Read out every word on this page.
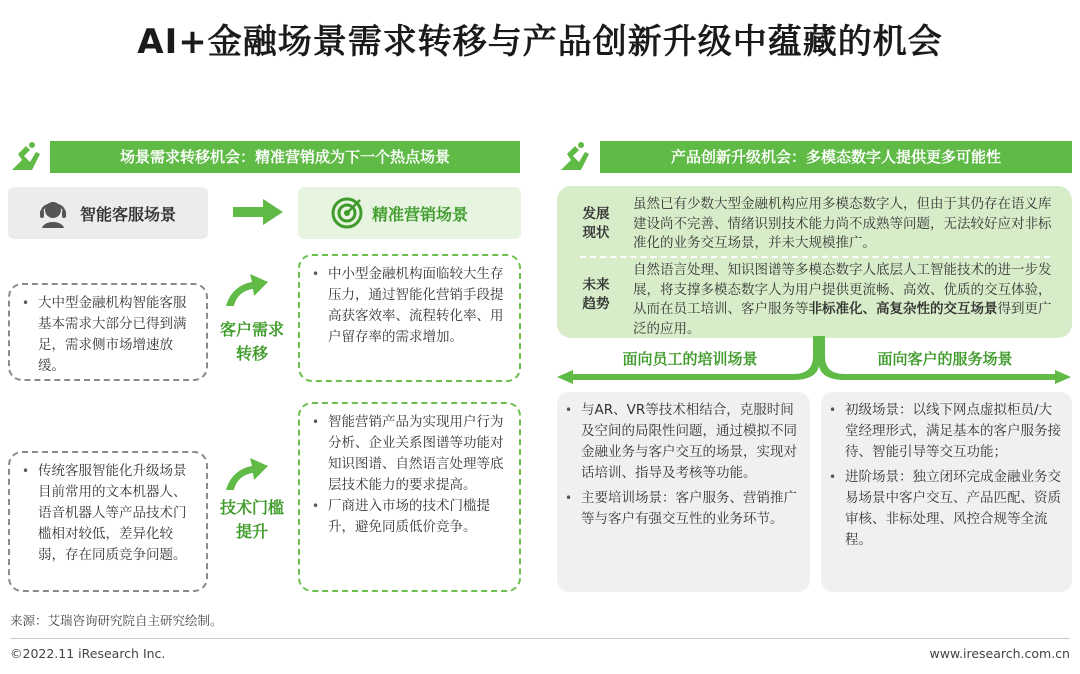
AI+金融场景需求转移与产品创新升级中蕴藏的机会
场景需求转移机会：精准营销成为下一个热点场景
智能客服场景	精准营销场景
• 大中型金融机构智能客服基本需求大部分已得到满足，需求侧市场增速放缓。
• 传统客服智能化升级场景目前常用的文本机器人、语音机器人等产品技术门槛相对较低，差异化较弱，存在同质竞争问题。
客户需求
转移
技术门槛
提升
• 中小型金融机构面临较大生存压力，通过智能化营销手段提高获客效率、流程转化率、用户留存率的需求增加。
• 智能营销产品为实现用户行为分析、企业关系图谱等功能对知识图谱、自然语言处理等底层技术能力的要求提高。
• 厂商进入市场的技术门槛提升，避免同质低价竞争。
产品创新升级机会：多模态数字人提供更多可能性
发展
现状
虽然已有少数大型金融机构应用多模态数字人，但由于其仍存在语义库建设尚不完善、情绪识别技术能力尚不成熟等问题，无法较好应对非标准化的业务交互场景，并未大规模推广。
未来
趋势
自然语言处理、知识图谱等多模态数字人底层人工智能技术的进一步发展，将支撑多模态数字人为用户提供更流畅、高效、优质的交互体验，从而在员工培训、客户服务等非标准化、高复杂性的交互场景得到更广泛的应用。
面向员工的培训场景	面向客户的服务场景
• 与AR、VR等技术相结合，克服时间及空间的局限性问题，通过模拟不同金融业务与客户交互的场景，实现对话培训、指导及考核等功能。
• 主要培训场景：客户服务、营销推广等与客户有强交互性的业务环节。
• 初级场景：以线下网点虚拟柜员/大堂经理形式，满足基本的客户服务接待、智能引导等交互功能；
• 进阶场景：独立闭环完成金融业务交易场景中客户交互、产品匹配、资质审核、非标处理、风控合规等全流程。
来源：艾瑞咨询研究院自主研究绘制。
©2022.11 iResearch Inc.	www.iresearch.com.cn
